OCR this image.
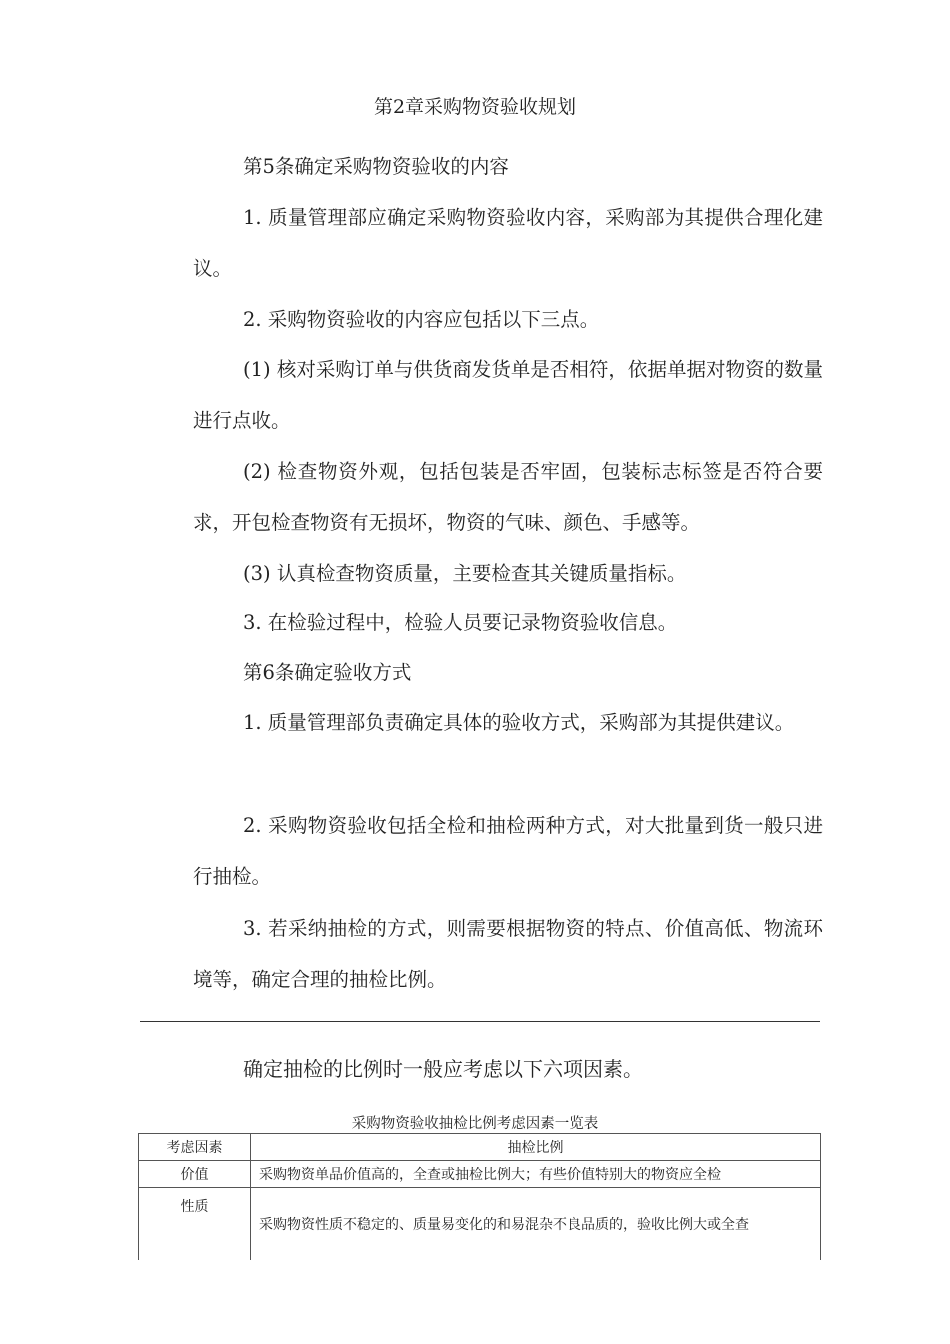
第2章采购物资验收规划

第5条确定采购物资验收的内容

1. 质量管理部应确定采购物资验收内容，采购部为其提供合理化建议。

2. 采购物资验收的内容应包括以下三点。

(1) 核对采购订单与供货商发货单是否相符，依据单据对物资的数量进行点收。

(2) 检查物资外观，包括包装是否牢固，包装标志标签是否符合要求，开包检查物资有无损坏，物资的气味、颜色、手感等。

(3) 认真检查物资质量，主要检查其关键质量指标。

3. 在检验过程中，检验人员要记录物资验收信息。

第6条确定验收方式

1. 质量管理部负责确定具体的验收方式，采购部为其提供建议。

2. 采购物资验收包括全检和抽检两种方式，对大批量到货一般只进行抽检。

3. 若采纳抽检的方式，则需要根据物资的特点、价值高低、物流环境等，确定合理的抽检比例。

确定抽检的比例时一般应考虑以下六项因素。
采购物资验收抽检比例考虑因素一览表
考虑因素	抽检比例
价值	采购物资单品价值高的，全查或抽检比例大；有些价值特别大的物资应全检
性质	采购物资性质不稳定的、质量易变化的和易混杂不良品质的，验收比例大或全查
